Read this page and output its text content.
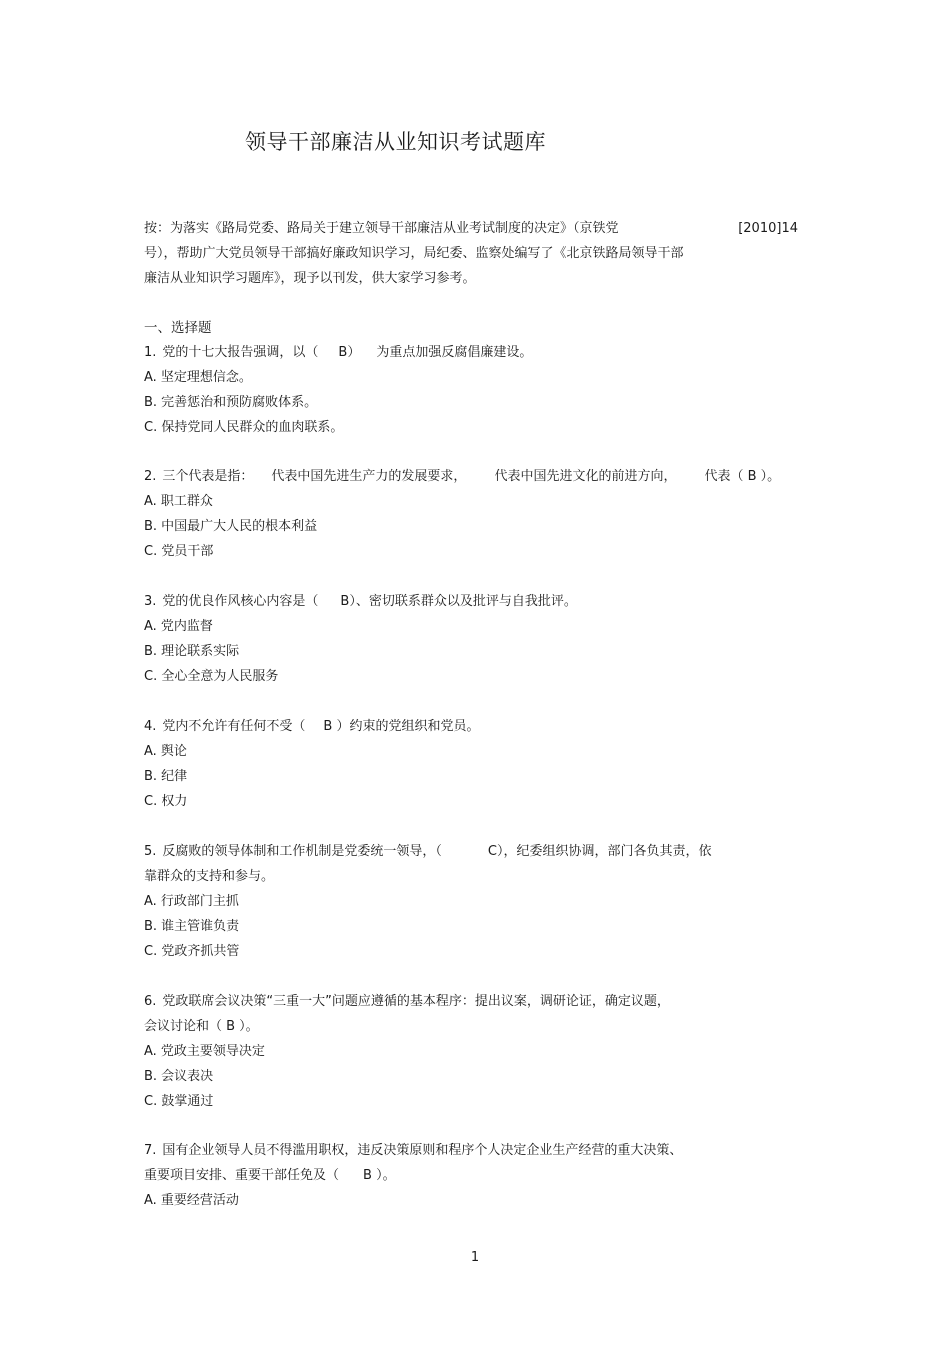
领导干部廉洁从业知识考试题库
按：为落实《路局党委、路局关于建立领导干部廉洁从业考试制度的决定》（京铁党	[2010]14
号），帮助广大党员领导干部搞好廉政知识学习，局纪委、监察处编写了《北京铁路局领导干部
廉洁从业知识学习题库》，现予以刊发，供大家学习参考。
一、选择题
1. 党的十七大报告强调，以（ B） 为重点加强反腐倡廉建设。
A. 坚定理想信念。
B. 完善惩治和预防腐败体系。
C. 保持党同人民群众的血肉联系。
2. 三个代表是指： 代表中国先进生产力的发展要求， 代表中国先进文化的前进方向， 代表（ B ）。
A. 职工群众
B. 中国最广大人民的根本利益
C. 党员干部
3. 党的优良作风核心内容是（ B）、密切联系群众以及批评与自我批评。
A. 党内监督
B. 理论联系实际
C. 全心全意为人民服务
4. 党内不允许有任何不受（ B ）约束的党组织和党员。
A. 舆论
B. 纪律
C. 权力
5. 反腐败的领导体制和工作机制是党委统一领导，（	C），纪委组织协调，部门各负其责，依
靠群众的支持和参与。
A. 行政部门主抓
B. 谁主管谁负责
C. 党政齐抓共管
6. 党政联席会议决策“三重一大”问题应遵循的基本程序：提出议案，调研论证，确定议题，
会议讨论和（ B ）。
A. 党政主要领导决定
B. 会议表决
C. 鼓掌通过
7. 国有企业领导人员不得滥用职权，违反决策原则和程序个人决定企业生产经营的重大决策、
重要项目安排、重要干部任免及（ B ）。
A. 重要经营活动
1
